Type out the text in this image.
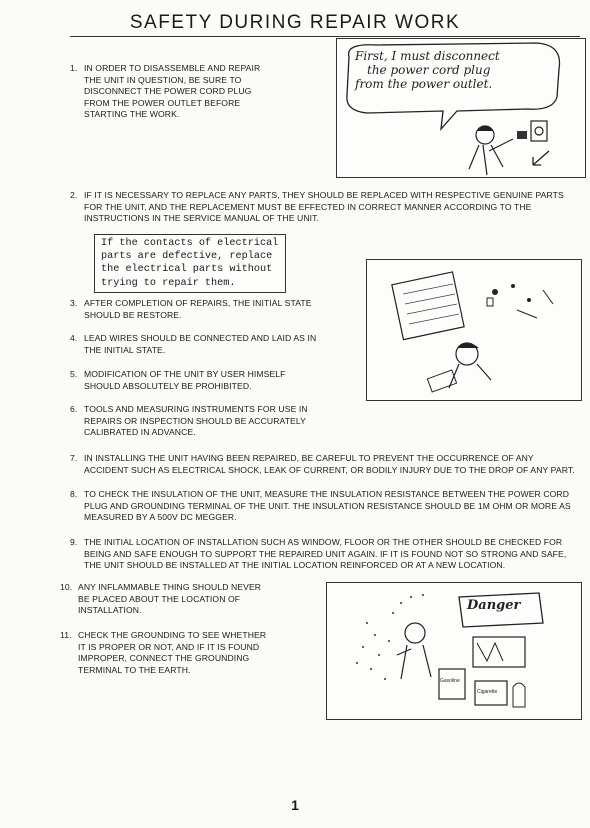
SAFETY DURING REPAIR WORK
1. IN ORDER TO DISASSEMBLE AND REPAIR THE UNIT IN QUESTION, BE SURE TO DISCONNECT THE POWER CORD PLUG FROM THE POWER OUTLET BEFORE STARTING THE WORK.
First, I must disconnect
the power cord plug
from the power outlet.
2. IF IT IS NECESSARY TO REPLACE ANY PARTS, THEY SHOULD BE REPLACED WITH RESPECTIVE GENUINE PARTS FOR THE UNIT, AND THE REPLACEMENT MUST BE EFFECTED IN CORRECT MANNER ACCORDING TO THE INSTRUCTIONS IN THE SERVICE MANUAL OF THE UNIT.
If the contacts of electrical
parts are defective, replace
the electrical parts without
trying to repair them.
3. AFTER COMPLETION OF REPAIRS, THE INITIAL STATE SHOULD BE RESTORE.
4. LEAD WIRES SHOULD BE CONNECTED AND LAID AS IN THE INITIAL STATE.
5. MODIFICATION OF THE UNIT BY USER HIMSELF SHOULD ABSOLUTELY BE PROHIBITED.
6. TOOLS AND MEASURING INSTRUMENTS FOR USE IN REPAIRS OR INSPECTION SHOULD BE ACCURATELY CALIBRATED IN ADVANCE.
7. IN INSTALLING THE UNIT HAVING BEEN REPAIRED, BE CAREFUL TO PREVENT THE OCCURRENCE OF ANY ACCIDENT SUCH AS ELECTRICAL SHOCK, LEAK OF CURRENT, OR BODILY INJURY DUE TO THE DROP OF ANY PART.
8. TO CHECK THE INSULATION OF THE UNIT, MEASURE THE INSULATION RESISTANCE BETWEEN THE POWER CORD PLUG AND GROUNDING TERMINAL OF THE UNIT. THE INSULATION RESISTANCE SHOULD BE 1M OHM OR MORE AS MEASURED BY A 500V DC MEGGER.
9. THE INITIAL LOCATION OF INSTALLATION SUCH AS WINDOW, FLOOR OR THE OTHER SHOULD BE CHECKED FOR BEING AND SAFE ENOUGH TO SUPPORT THE REPAIRED UNIT AGAIN. IF IT IS FOUND NOT SO STRONG AND SAFE, THE UNIT SHOULD BE INSTALLED AT THE INITIAL LOCATION REINFORCED OR AT A NEW LOCATION.
10. ANY INFLAMMABLE THING SHOULD NEVER BE PLACED ABOUT THE LOCATION OF INSTALLATION.
11. CHECK THE GROUNDING TO SEE WHETHER IT IS PROPER OR NOT, AND IF IT IS FOUND IMPROPER, CONNECT THE GROUNDING TERMINAL TO THE EARTH.
Danger
Gasoline
Cigarette
1
